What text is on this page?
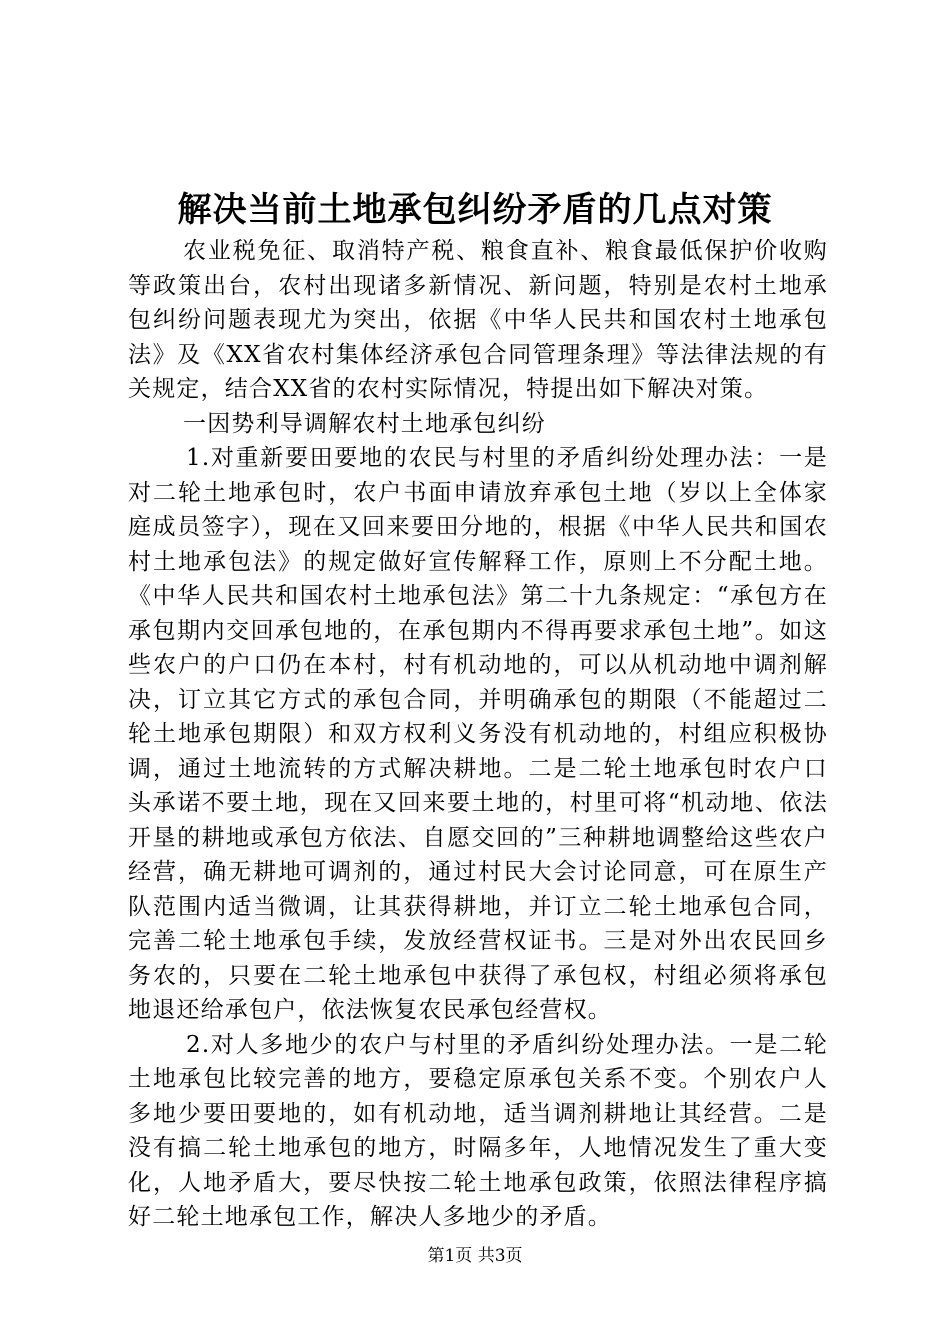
解决当前土地承包纠纷矛盾的几点对策

农业税免征、取消特产税、粮食直补、粮食最低保护价收购等政策出台，农村出现诸多新情况、新问题，特别是农村土地承包纠纷问题表现尤为突出，依据《中华人民共和国农村土地承包法》及《XX省农村集体经济承包合同管理条理》等法律法规的有关规定，结合XX省的农村实际情况，特提出如下解决对策。

一因势利导调解农村土地承包纠纷

1.对重新要田要地的农民与村里的矛盾纠纷处理办法：一是对二轮土地承包时，农户书面申请放弃承包土地（岁以上全体家庭成员签字），现在又回来要田分地的，根据《中华人民共和国农村土地承包法》的规定做好宣传解释工作，原则上不分配土地。《中华人民共和国农村土地承包法》第二十九条规定：“承包方在承包期内交回承包地的，在承包期内不得再要求承包土地”。如这些农户的户口仍在本村，村有机动地的，可以从机动地中调剂解决，订立其它方式的承包合同，并明确承包的期限（不能超过二轮土地承包期限）和双方权利义务没有机动地的，村组应积极协调，通过土地流转的方式解决耕地。二是二轮土地承包时农户口头承诺不要土地，现在又回来要土地的，村里可将“机动地、依法开垦的耕地或承包方依法、自愿交回的”三种耕地调整给这些农户经营，确无耕地可调剂的，通过村民大会讨论同意，可在原生产队范围内适当微调，让其获得耕地，并订立二轮土地承包合同，完善二轮土地承包手续，发放经营权证书。三是对外出农民回乡务农的，只要在二轮土地承包中获得了承包权，村组必须将承包地退还给承包户，依法恢复农民承包经营权。

2.对人多地少的农户与村里的矛盾纠纷处理办法。一是二轮土地承包比较完善的地方，要稳定原承包关系不变。个别农户人多地少要田要地的，如有机动地，适当调剂耕地让其经营。二是没有搞二轮土地承包的地方，时隔多年，人地情况发生了重大变化，人地矛盾大，要尽快按二轮土地承包政策，依照法律程序搞好二轮土地承包工作，解决人多地少的矛盾。

第1页 共3页
